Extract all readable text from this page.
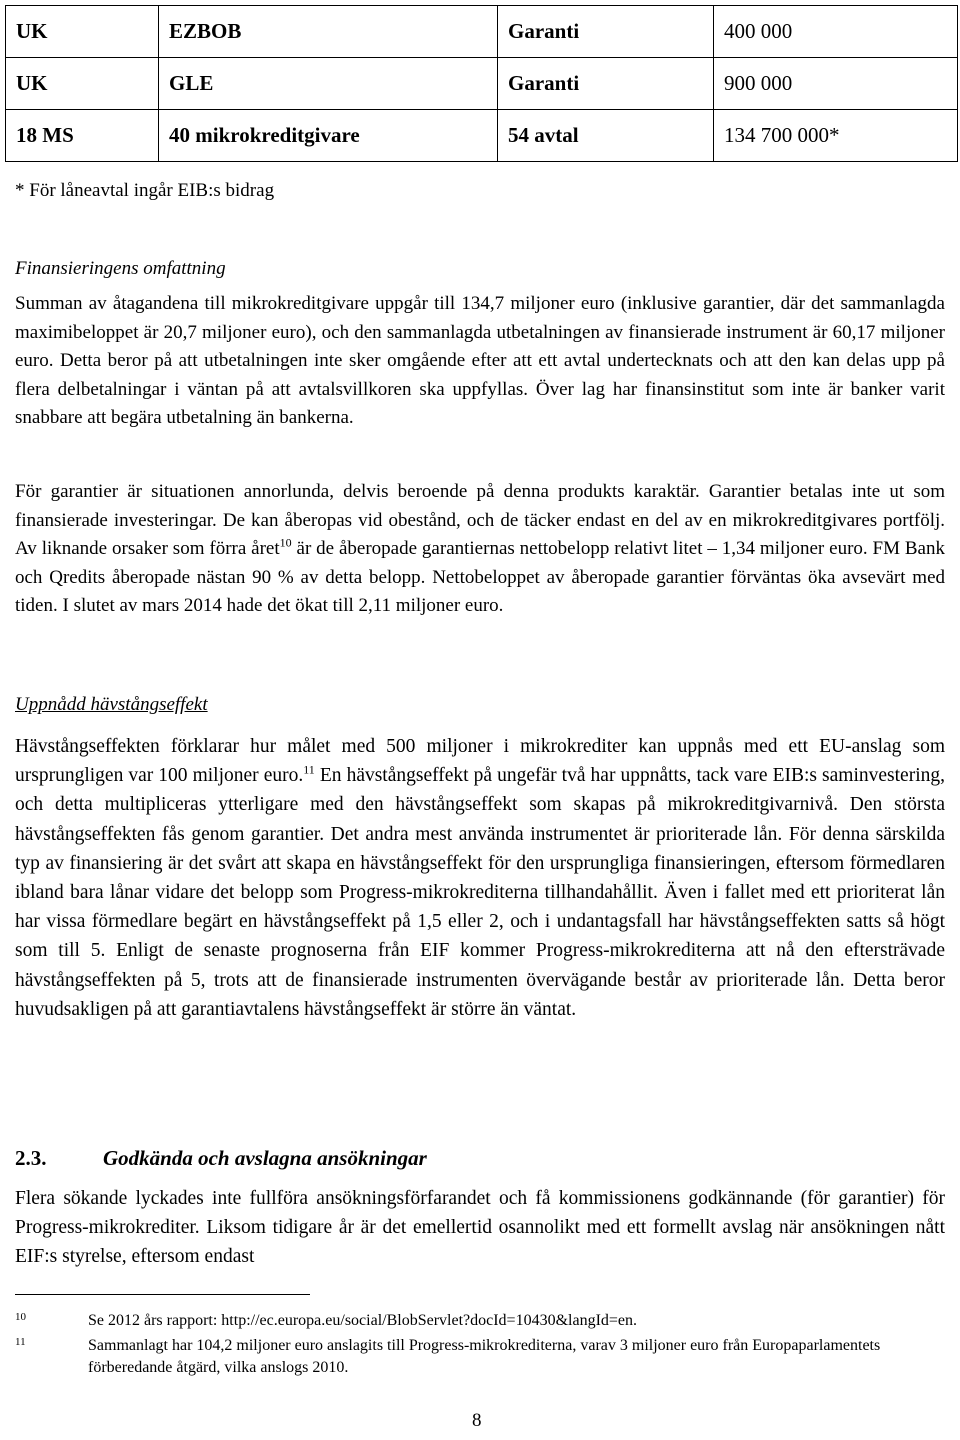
UK	EZBOB	Garanti	400 000
UK	GLE	Garanti	900 000
18 MS	40 mikrokreditgivare	54 avtal	134 700 000*
* För låneavtal ingår EIB:s bidrag
Finansieringens omfattning

Summan av åtagandena till mikrokreditgivare uppgår till 134,7 miljoner euro (inklusive garantier, där det sammanlagda maximibeloppet är 20,7 miljoner euro), och den sammanlagda utbetalningen av finansierade instrument är 60,17 miljoner euro. Detta beror på att utbetalningen inte sker omgående efter att ett avtal undertecknats och att den kan delas upp på flera delbetalningar i väntan på att avtalsvillkoren ska uppfyllas. Över lag har finansinstitut som inte är banker varit snabbare att begära utbetalning än bankerna.

För garantier är situationen annorlunda, delvis beroende på denna produkts karaktär. Garantier betalas inte ut som finansierade investeringar. De kan åberopas vid obestånd, och de täcker endast en del av en mikrokreditgivares portfölj. Av liknande orsaker som förra året$^{10}$ är de åberopade garantiernas nettobelopp relativt litet – 1,34 miljoner euro. FM Bank och Qredits åberopade nästan 90 % av detta belopp. Nettobeloppet av åberopade garantier förväntas öka avsevärt med tiden. I slutet av mars 2014 hade det ökat till 2,11 miljoner euro.

Uppnådd hävstångseffekt

Hävstångseffekten förklarar hur målet med 500 miljoner i mikrokrediter kan uppnås med ett EU-anslag som ursprungligen var 100 miljoner euro.$^{11}$ En hävstångseffekt på ungefär två har uppnåtts, tack vare EIB:s saminvestering, och detta multipliceras ytterligare med den hävstångseffekt som skapas på mikrokreditgivarnivå. Den största hävstångseffekten fås genom garantier. Det andra mest använda instrumentet är prioriterade lån. För denna särskilda typ av finansiering är det svårt att skapa en hävstångseffekt för den ursprungliga finansieringen, eftersom förmedlaren ibland bara lånar vidare det belopp som Progress-mikrokrediterna tillhandahållit. Även i fallet med ett prioriterat lån har vissa förmedlare begärt en hävstångseffekt på 1,5 eller 2, och i undantagsfall har hävstångseffekten satts så högt som till 5. Enligt de senaste prognoserna från EIF kommer Progress-mikrokrediterna att nå den eftersträvade hävstångseffekten på 5, trots att de finansierade instrumenten övervägande består av prioriterade lån. Detta beror huvudsakligen på att garantiavtalens hävstångseffekt är större än väntat.

2.3.	Godkända och avslagna ansökningar

Flera sökande lyckades inte fullföra ansökningsförfarandet och få kommissionens godkännande (för garantier) för Progress-mikrokrediter. Liksom tidigare år är det emellertid osannolikt med ett formellt avslag när ansökningen nått EIF:s styrelse, eftersom endast

10	Se 2012 års rapport: http://ec.europa.eu/social/BlobServlet?docId=10430&langId=en.
11	Sammanlagt har 104,2 miljoner euro anslagits till Progress-mikrokrediterna, varav 3 miljoner euro från Europaparlamentets förberedande åtgärd, vilka anslogs 2010.
8
